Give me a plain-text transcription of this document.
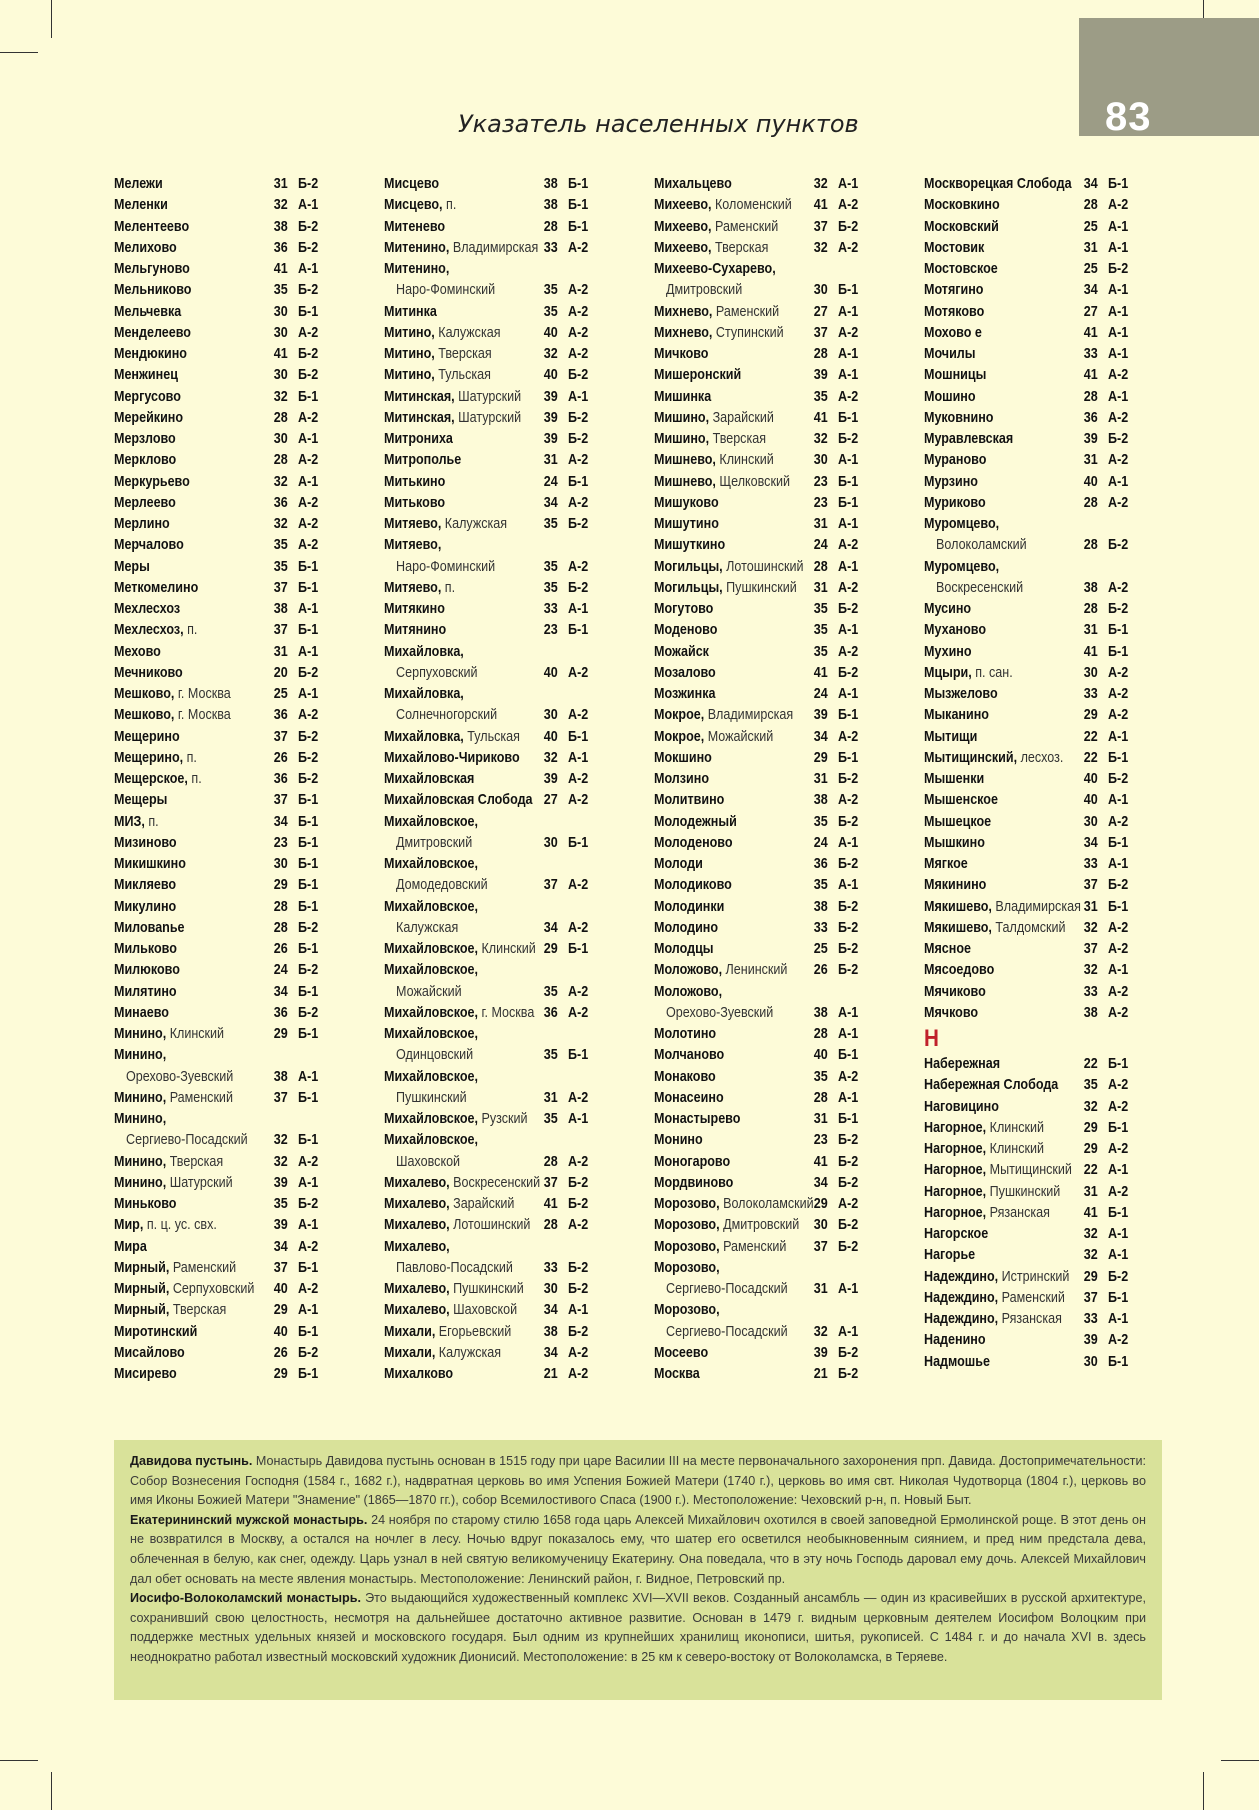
83
Указатель населенных пунктов
Мележи	31 Б-2
Меленки	32 А-1
Мелентеево	38 Б-2
Мелихово	36 Б-2
Мельгуново	41 А-1
Мельниково	35 Б-2
Мельчевка	30 Б-1
Менделеево	30 А-2
Мендюкино	41 Б-2
Менжинец	30 Б-2
Мергусово	32 Б-1
Мерейкино	28 А-2
Мерзлово	30 А-1
Мерклово	28 А-2
Меркурьево	32 А-1
Мерлеево	36 А-2
Мерлино	32 А-2
Мерчалово	35 А-2
Меры	35 Б-1
Меткомелино	37 Б-1
Мехлесхоз	38 А-1
Мехлесхоз, п.	37 Б-1
Мехово	31 А-1
Мечниково	20 Б-2
Мешково, г. Москва	25 А-1
Мешково, г. Москва	36 А-2
Мещерино	37 Б-2
Мещерино, п.	26 Б-2
Мещерское, п.	36 Б-2
Мещеры	37 Б-1
МИЗ, п.	34 Б-1
Мизиново	23 Б-1
Микишкино	30 Б-1
Микляево	29 Б-1
Микулино	28 Б-1
Миловаnье	28 Б-2
Мильково	26 Б-1
Милюково	24 Б-2
Милятино	34 Б-1
Минаево	36 Б-2
Минино, Клинский	29 Б-1
Минино,
Орехово-Зуевский	38 А-1
Минино, Раменский	37 Б-1
Минино,
Сергиево-Посадский	32 Б-1
Минино, Тверская	32 А-2
Минино, Шатурский	39 А-1
Миньково	35 Б-2
Мир, п. ц. ус. свх.	39 А-1
Мира	34 А-2
Мирный, Раменский	37 Б-1
Мирный, Серпуховский	40 А-2
Мирный, Тверская	29 А-1
Миротинский	40 Б-1
Мисайлово	26 Б-2
Мисирево	29 Б-1
Мисцево	38 Б-1
Мисцево, п.	38 Б-1
Митенево	28 Б-1
Митенино, Владимирская 33 А-2
Митенино,
Наро-Фоминский	35 А-2
Митинка	35 А-2
Митино, Калужская	40 А-2
Митино, Тверская	32 А-2
Митино, Тульская	40 Б-2
Митинская, Шатурский	39 А-1
Митинская, Шатурский	39 Б-2
Митрониха	39 Б-2
Митрополье	31 А-2
Митькино	24 Б-1
Митьково	34 А-2
Митяево, Калужская	35 Б-2
Митяево,
Наро-Фоминский	35 А-2
Митяево, п.	35 Б-2
Митякино	33 А-1
Митянино	23 Б-1
Михайловка,
Серпуховский	40 А-2
Михайловка,
Солнечногорский	30 А-2
Михайловка, Тульская	40 Б-1
Михайлово-Чириково	32 А-1
Михайловская	39 А-2
Михайловская Слобода 27 А-2
Михайловское,
Дмитровский	30 Б-1
Михайловское,
Домодедовский	37 А-2
Михайловское,
Калужская	34 А-2
Михайловское, Клинский 29 Б-1
Михайловское,
Можайский	35 А-2
Михайловское, г. Москва 36 А-2
Михайловское,
Одинцовский	35 Б-1
Михайловское,
Пушкинский	31 А-2
Михайловское, Рузский	35 А-1
Михайловское,
Шаховской	28 А-2
Михалево, Воскресенский 37 Б-2
Михалево, Зарайский	41 Б-2
Михалево, Лотошинский 28 А-2
Михалево,
Павлово-Посадский	33 Б-2
Михалево, Пушкинский	30 Б-2
Михалево, Шаховской	34 А-1
Михали, Егорьевский	38 Б-2
Михали, Калужская	34 А-2
Михалково	21 А-2
Михальцево	32 А-1
Михеево, Коломенский	41 А-2
Михеево, Раменский	37 Б-2
Михеево, Тверская	32 А-2
Михеево-Сухарево,
Дмитровский	30 Б-1
Михнево, Раменский	27 А-1
Михнево, Ступинский	37 А-2
Мичково	28 А-1
Мишеронский	39 А-1
Мишинка	35 А-2
Мишино, Зарайский	41 Б-1
Мишино, Тверская	32 Б-2
Мишнево, Клинский	30 А-1
Мишнево, Щелковский	23 Б-1
Мишуково	23 Б-1
Мишутино	31 А-1
Мишуткино	24 А-2
Могильцы, Лотошинский 28 А-1
Могильцы, Пушкинский	31 А-2
Могутово	35 Б-2
Моденово	35 А-1
Можайск	35 А-2
Мозалово	41 Б-2
Мозжинка	24 А-1
Мокрое, Владимирская	39 Б-1
Мокрое, Можайский	34 А-2
Мокшино	29 Б-1
Молзино	31 Б-2
Молитвино	38 А-2
Молодежный	35 Б-2
Молоденово	24 А-1
Молоди	36 Б-2
Молодиково	35 А-1
Молодинки	38 Б-2
Молодино	33 Б-2
Молодцы	25 Б-2
Моложово, Ленинский	26 Б-2
Моложово,
Орехово-Зуевский	38 А-1
Молотино	28 А-1
Молчаново	40 Б-1
Монаково	35 А-2
Монасеино	28 А-1
Монастырево	31 Б-1
Монино	23 Б-2
Моногарово	41 Б-2
Мордвиново	34 Б-2
Морозово, Волоколамский 29 А-2
Морозово, Дмитровский 30 Б-2
Морозово, Раменский	37 Б-2
Морозово,
Сергиево-Посадский	31 А-1
Морозово,
Сергиево-Посадский	32 А-1
Мосеево	39 Б-2
Москва	21 Б-2
Москворецкая Слобода 34 Б-1
Московкино	28 А-2
Московский	25 А-1
Мостовик	31 А-1
Мостовское	25 Б-2
Мотягино	34 А-1
Мотяково	27 А-1
Мохово е	41 А-1
Мочилы	33 А-1
Мошницы	41 А-2
Мошино	28 А-1
Муковнино	36 А-2
Муравлевская	39 Б-2
Мураново	31 А-2
Мурзино	40 А-1
Муриково	28 А-2
Муромцево,
Волоколамский	28 Б-2
Муромцево,
Воскресенский	38 А-2
Мусино	28 Б-2
Муханово	31 Б-1
Мухино	41 Б-1
Мцыри, п. сан.	30 А-2
Мызжелово	33 А-2
Мыканино	29 А-2
Мытищи	22 А-1
Мытищинский, лесхоз.	22 Б-1
Мышенки	40 Б-2
Мышенское	40 А-1
Мышецкое	30 А-2
Мышкино	34 Б-1
Мягкое	33 А-1
Мякинино	37 Б-2
Мякишево, Владимирская 31 Б-1
Мякишево, Талдомский	32 А-2
Мясное	37 А-2
Мясоедово	32 А-1
Мячиково	33 А-2
Мячково	38 А-2
Н
Набережная	22 Б-1
Набережная Слобода	35 А-2
Наговицино	32 А-2
Нагорное, Клинский	29 Б-1
Нагорное, Клинский	29 А-2
Нагорное, Мытищинский 22 А-1
Нагорное, Пушкинский	31 А-2
Нагорное, Рязанская	41 Б-1
Нагорское	32 А-1
Нагорье	32 А-1
Надеждино, Истринский 29 Б-2
Надеждино, Раменский	37 Б-1
Надеждино, Рязанская	33 А-1
Наденино	39 А-2
Надмошье	30 Б-1

Давидова пустынь. Монастырь Давидова пустынь основан в 1515 году при царе Василии III на месте первоначального захоронения прп. Давида. Достопримечательности: Собор Вознесения Господня (1584 г., 1682 г.), надвратная церковь во имя Успения Божией Матери (1740 г.), церковь во имя свт. Николая Чудотворца (1804 г.), церковь во имя Иконы Божией Матери "Знамение" (1865—1870 гг.), собор Всемилостивого Спаса (1900 г.). Местоположение: Чеховский р-н, п. Новый Быт.

Екатерининский мужской монастырь. 24 ноября по старому стилю 1658 года царь Алексей Михайлович охотился в своей заповедной Ермолинской роще. В этот день он не возвратился в Москву, а остался на ночлег в лесу. Ночью вдруг показалось ему, что шатер его осветился необыкновенным сиянием, и пред ним предстала дева, облеченная в белую, как снег, одежду. Царь узнал в ней святую великомученицу Екатерину. Она поведала, что в эту ночь Господь даровал ему дочь. Алексей Михайлович дал обет основать на месте явления монастырь. Местоположение: Ленинский район, г. Видное, Петровский пр.

Иосифо-Волоколамский монастырь. Это выдающийся художественный комплекс XVI—XVII веков. Созданный ансамбль — один из красивейших в русской архитектуре, сохранивший свою целостность, несмотря на дальнейшее достаточно активное развитие. Основан в 1479 г. видным церковным деятелем Иосифом Волоцким при поддержке местных удельных князей и московского государя. Был одним из крупнейших хранилищ иконописи, шитья, рукописей. С 1484 г. и до начала XVI в. здесь неоднократно работал известный московский художник Дионисий. Местоположение: в 25 км к северо-востоку от Волоколамска, в Теряеве.
